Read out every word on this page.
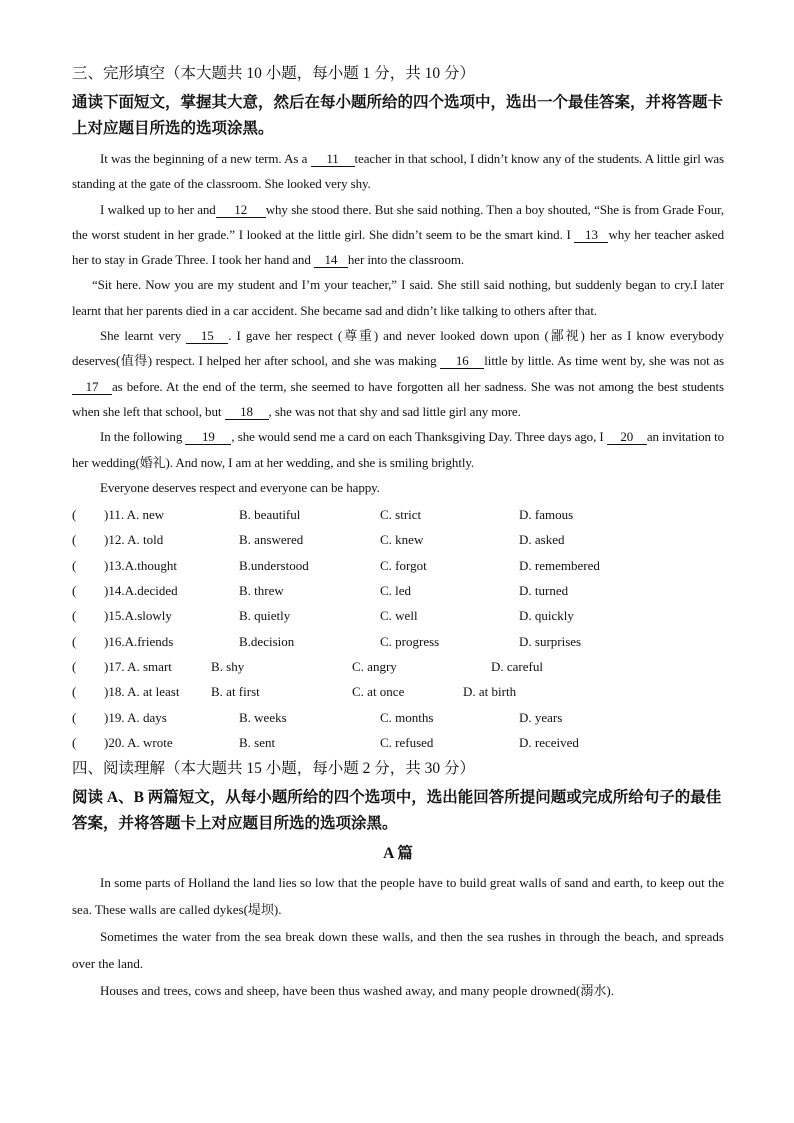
三、完形填空（本大题共 10 小题，每小题 1 分，共 10 分）
通读下面短文，掌握其大意，然后在每小题所给的四个选项中，选出一个最佳答案，并将答题卡上对应题目所选的选项涂黑。

It was the beginning of a new term. As a 11 teacher in that school, I didn’t know any of the students. A little girl was standing at the gate of the classroom. She looked very shy.

I walked up to her and 12 why she stood there. But she said nothing. Then a boy shouted, “She is from Grade Four, the worst student in her grade.” I looked at the little girl. She didn’t seem to be the smart kind. I 13 why her teacher asked her to stay in Grade Three. I took her hand and 14 her into the classroom.

“Sit here. Now you are my student and I’m your teacher,” I said. She still said nothing, but suddenly began to cry.I later learnt that her parents died in a car accident. She became sad and didn’t like talking to others after that.

She learnt very 15 . I gave her respect (尊重) and never looked down upon (鄙视) her as I know everybody deserves(值得) respect. I helped her after school, and she was making 16 little by little. As time went by, she was not as 17 as before. At the end of the term, she seemed to have forgotten all her sadness. She was not among the best students when she left that school, but 18 , she was not that shy and sad little girl any more.

In the following 19 , she would send me a card on each Thanksgiving Day. Three days ago, I 20 an invitation to her wedding(婚礼). And now, I am at her wedding, and she is smiling brightly.

Everyone deserves respect and everyone can be happy.

( )11. A. new	B. beautiful	C. strict	D. famous
( )12. A. told	B. answered	C. knew	D. asked
( )13.A.thought	B.understood	C. forgot	D. remembered
( )14.A.decided	B. threw	C. led	D. turned
( )15.A.slowly	B. quietly	C. well	D. quickly
( )16.A.friends	B.decision	C. progress	D. surprises
( )17. A. smart	B. shy	C. angry	D. careful
( )18. A. at least B. at first	C. at once	D. at birth
( )19. A. days	B. weeks	C. months	D. years
( )20. A. wrote	B. sent	C. refused	D. received
四、阅读理解（本大题共 15 小题，每小题 2 分，共 30 分）
阅读 A、B 两篇短文，从每小题所给的四个选项中，选出能回答所提问题或完成所给句子的最佳答案，并将答题卡上对应题目所选的选项涂黑。
A 篇

In some parts of Holland the land lies so low that the people have to build great walls of sand and earth, to keep out the sea. These walls are called dykes(堤坝).

Sometimes the water from the sea break down these walls, and then the sea rushes in through the beach, and spreads over the land.

Houses and trees, cows and sheep, have been thus washed away, and many people drowned(溺水).
